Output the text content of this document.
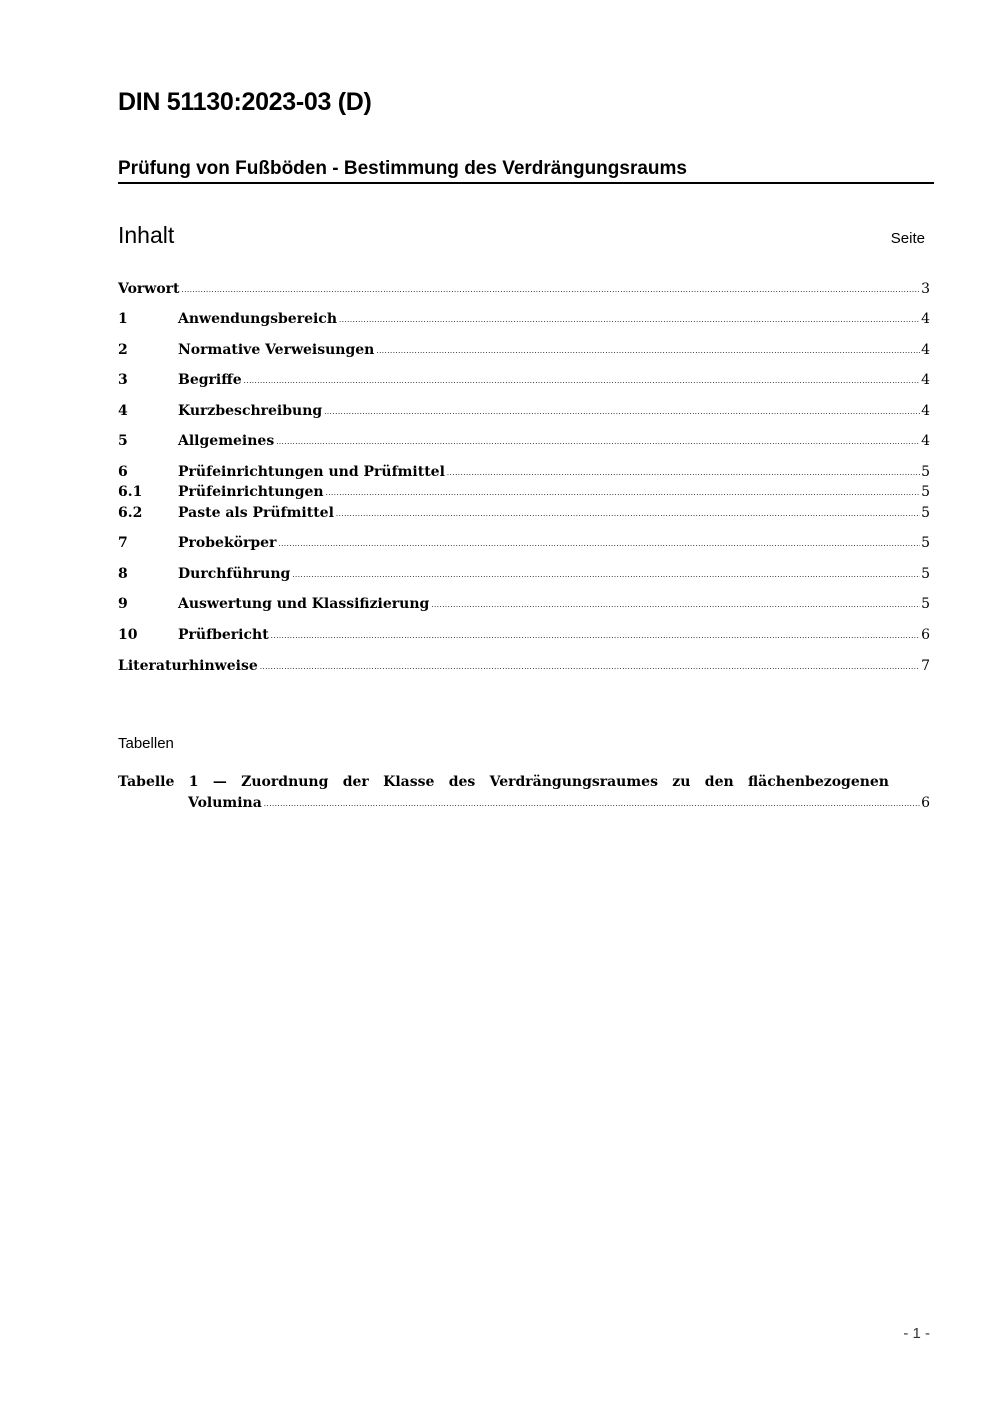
DIN 51130:2023-03 (D)
Prüfung von Fußböden - Bestimmung des Verdrängungsraums
Inhalt	Seite
Vorwort .....	3
1	Anwendungsbereich .....	4
2	Normative Verweisungen .....	4
3	Begriffe .....	4
4	Kurzbeschreibung .....	4
5	Allgemeines .....	4
6	Prüfeinrichtungen und Prüfmittel .....	5
6.1	Prüfeinrichtungen .....	5
6.2	Paste als Prüfmittel .....	5
7	Probekörper .....	5
8	Durchführung .....	5
9	Auswertung und Klassifizierung .....	5
10	Prüfbericht .....	6
Literaturhinweise .....	7
Tabellen
Tabelle 1 — Zuordnung der Klasse des Verdrängungsraumes zu den flächenbezogenen
Volumina .....	6
- 1 -
